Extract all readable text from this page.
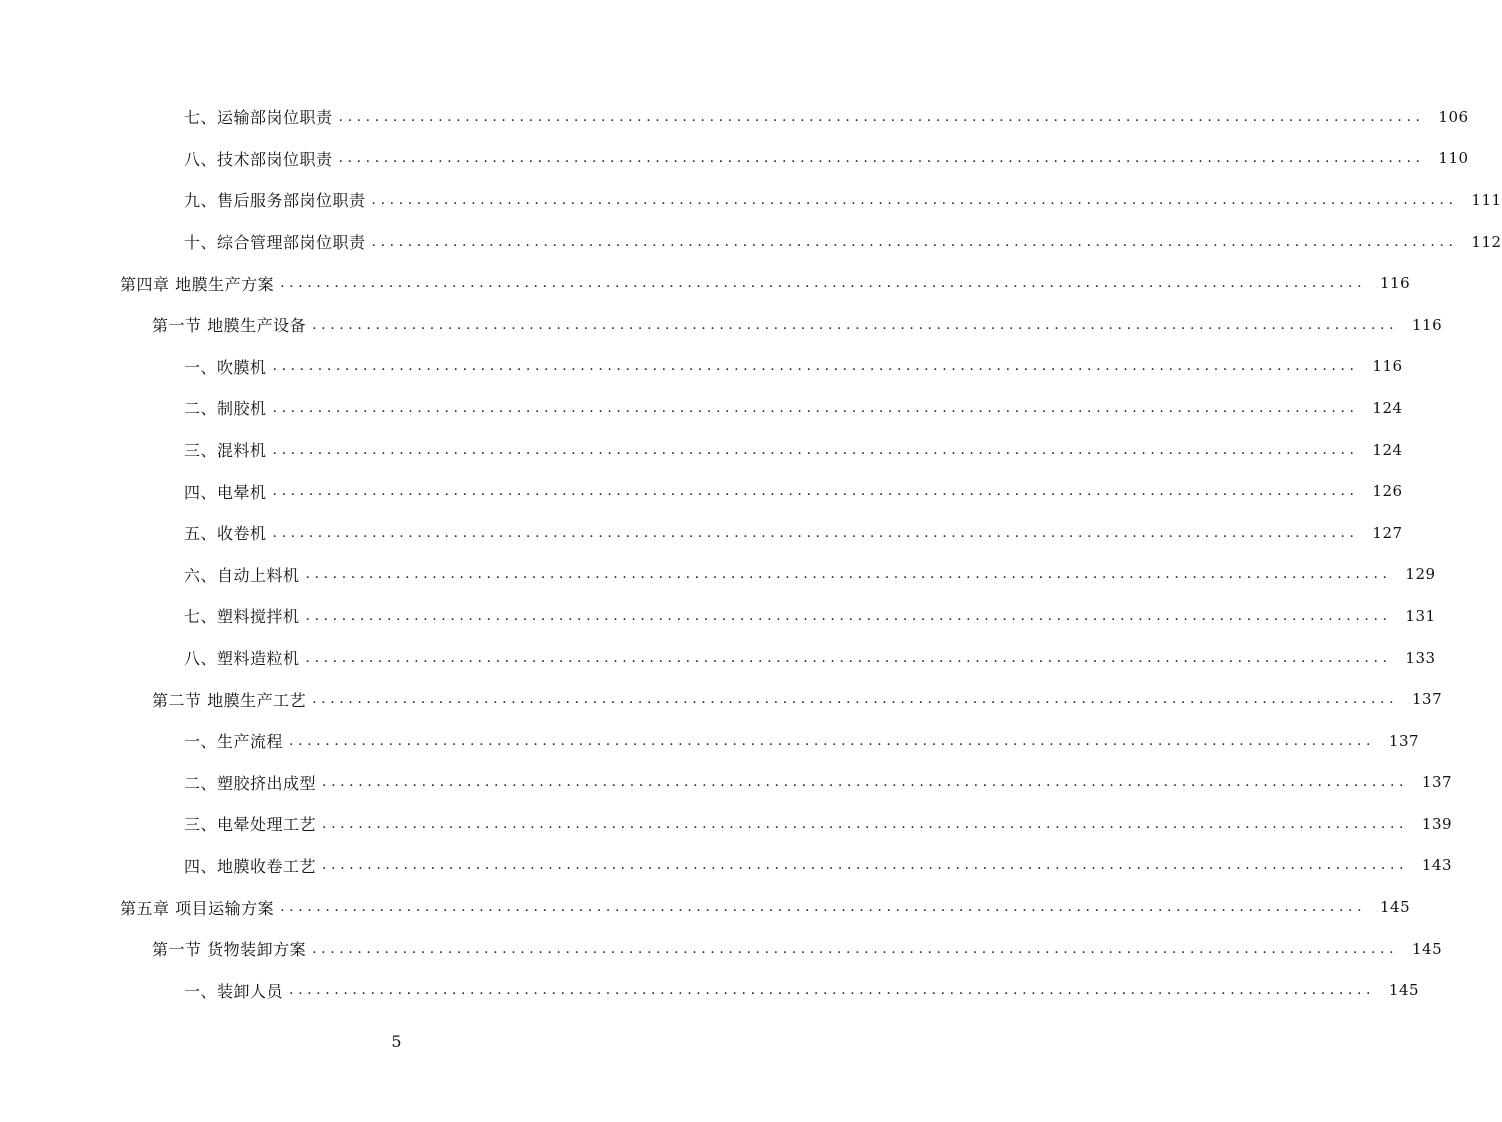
七、运输部岗位职责 ........................................................................................................................ 106
八、技术部岗位职责 ........................................................................................................................ 110
九、售后服务部岗位职责 ........................................................................................................................ 111
十、综合管理部岗位职责 ........................................................................................................................ 112
第四章 地膜生产方案 ........................................................................................................................ 116
第一节 地膜生产设备 ........................................................................................................................ 116
一、吹膜机 ........................................................................................................................ 116
二、制胶机 ........................................................................................................................ 124
三、混料机 ........................................................................................................................ 124
四、电晕机 ........................................................................................................................ 126
五、收卷机 ........................................................................................................................ 127
六、自动上料机 ........................................................................................................................ 129
七、塑料搅拌机 ........................................................................................................................ 131
八、塑料造粒机 ........................................................................................................................ 133
第二节 地膜生产工艺 ........................................................................................................................ 137
一、生产流程 ........................................................................................................................ 137
二、塑胶挤出成型 ........................................................................................................................ 137
三、电晕处理工艺 ........................................................................................................................ 139
四、地膜收卷工艺 ........................................................................................................................ 143
第五章 项目运输方案 ........................................................................................................................ 145
第一节 货物装卸方案 ........................................................................................................................ 145
一、装卸人员 ........................................................................................................................ 145
5
